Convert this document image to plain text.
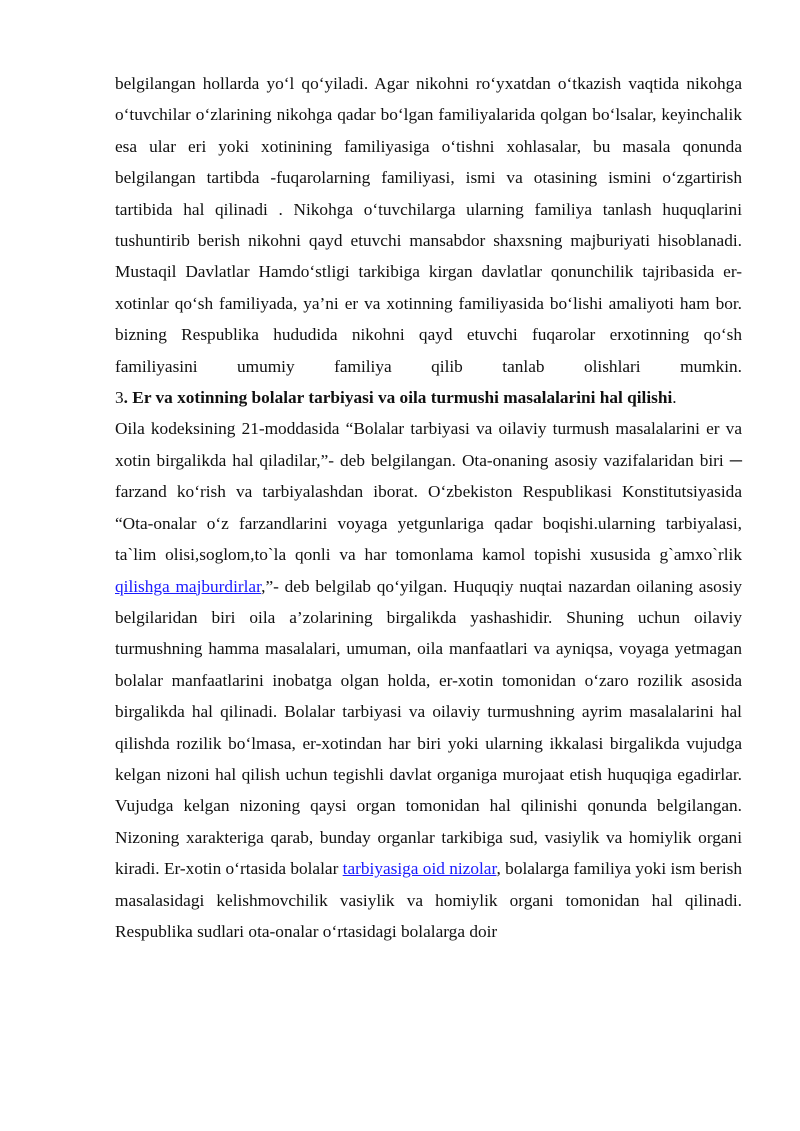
belgilangan hollarda yo‘l qo‘yiladi. Agar nikohni ro‘yxatdan o‘tkazish vaqtida nikohga o‘tuvchilar o‘zlarining nikohga qadar bo‘lgan familiyalarida qolgan bo‘lsalar, keyinchalik esa ular eri yoki xotinining familiyasiga o‘tishni xohlasalar, bu masala qonunda belgilangan tartibda -fuqarolarning familiyasi, ismi va otasining ismini o‘zgartirish tartibida hal qilinadi . Nikohga o‘tuvchilarga ularning familiya tanlash huquqlarini tushuntirib berish nikohni qayd etuvchi mansabdor shaxsning majburiyati hisoblanadi. Mustaqil Davlatlar Hamdo‘stligi tarkibiga kirgan davlatlar qonunchilik tajribasida er-xotinlar qo‘sh familiyada, ya’ni er va xotinning familiyasida bo‘lishi amaliyoti ham bor. bizning Respublika hududida nikohni qayd etuvchi fuqarolar erxotinning qo‘sh familiyasini umumiy familiya qilib tanlab olishlari mumkin.

3. Er va xotinning bolalar tarbiyasi va oila turmushi masalalarini hal qilishi.
Oila kodeksining 21-moddasida “Bolalar tarbiyasi va oilaviy turmush masalalarini er va xotin birgalikda hal qiladilar,”- deb belgilangan. Ota-onaning asosiy vazifalaridan biri ─ farzand ko‘rish va tarbiyalashdan iborat. O‘zbekiston Respublikasi Konstitutsiyasida “Ota-onalar o‘z farzandlarini voyaga yetgunlariga qadar boqishi.ularning tarbiyalasi, ta`lim olisi,soglom,to`la qonli va har tomonlama kamol topishi xususida g`amxo`rlik qilishga majburdirlar,”- deb belgilab qo‘yilgan. Huquqiy nuqtai nazardan oilaning asosiy belgilaridan biri oila a’zolarining birgalikda yashashidir. Shuning uchun oilaviy turmushning hamma masalalari, umuman, oila manfaatlari va ayniqsa, voyaga yetmagan bolalar manfaatlarini inobatga olgan holda, er-xotin tomonidan o‘zaro rozilik asosida birgalikda hal qilinadi. Bolalar tarbiyasi va oilaviy turmushning ayrim masalalarini hal qilishda rozilik bo‘lmasa, er-xotindan har biri yoki ularning ikkalasi birgalikda vujudga kelgan nizoni hal qilish uchun tegishli davlat organiga murojaat etish huquqiga egadirlar. Vujudga kelgan nizoning qaysi organ tomonidan hal qilinishi qonunda belgilangan. Nizoning xarakteriga qarab, bunday organlar tarkibiga sud, vasiylik va homiylik organi kiradi. Er-xotin o‘rtasida bolalar tarbiyasiga oid nizolar, bolalarga familiya yoki ism berish masalasidagi kelishmovchilik vasiylik va homiylik organi tomonidan hal qilinadi. Respublika sudlari ota-onalar o‘rtasidagi bolalarga doir
